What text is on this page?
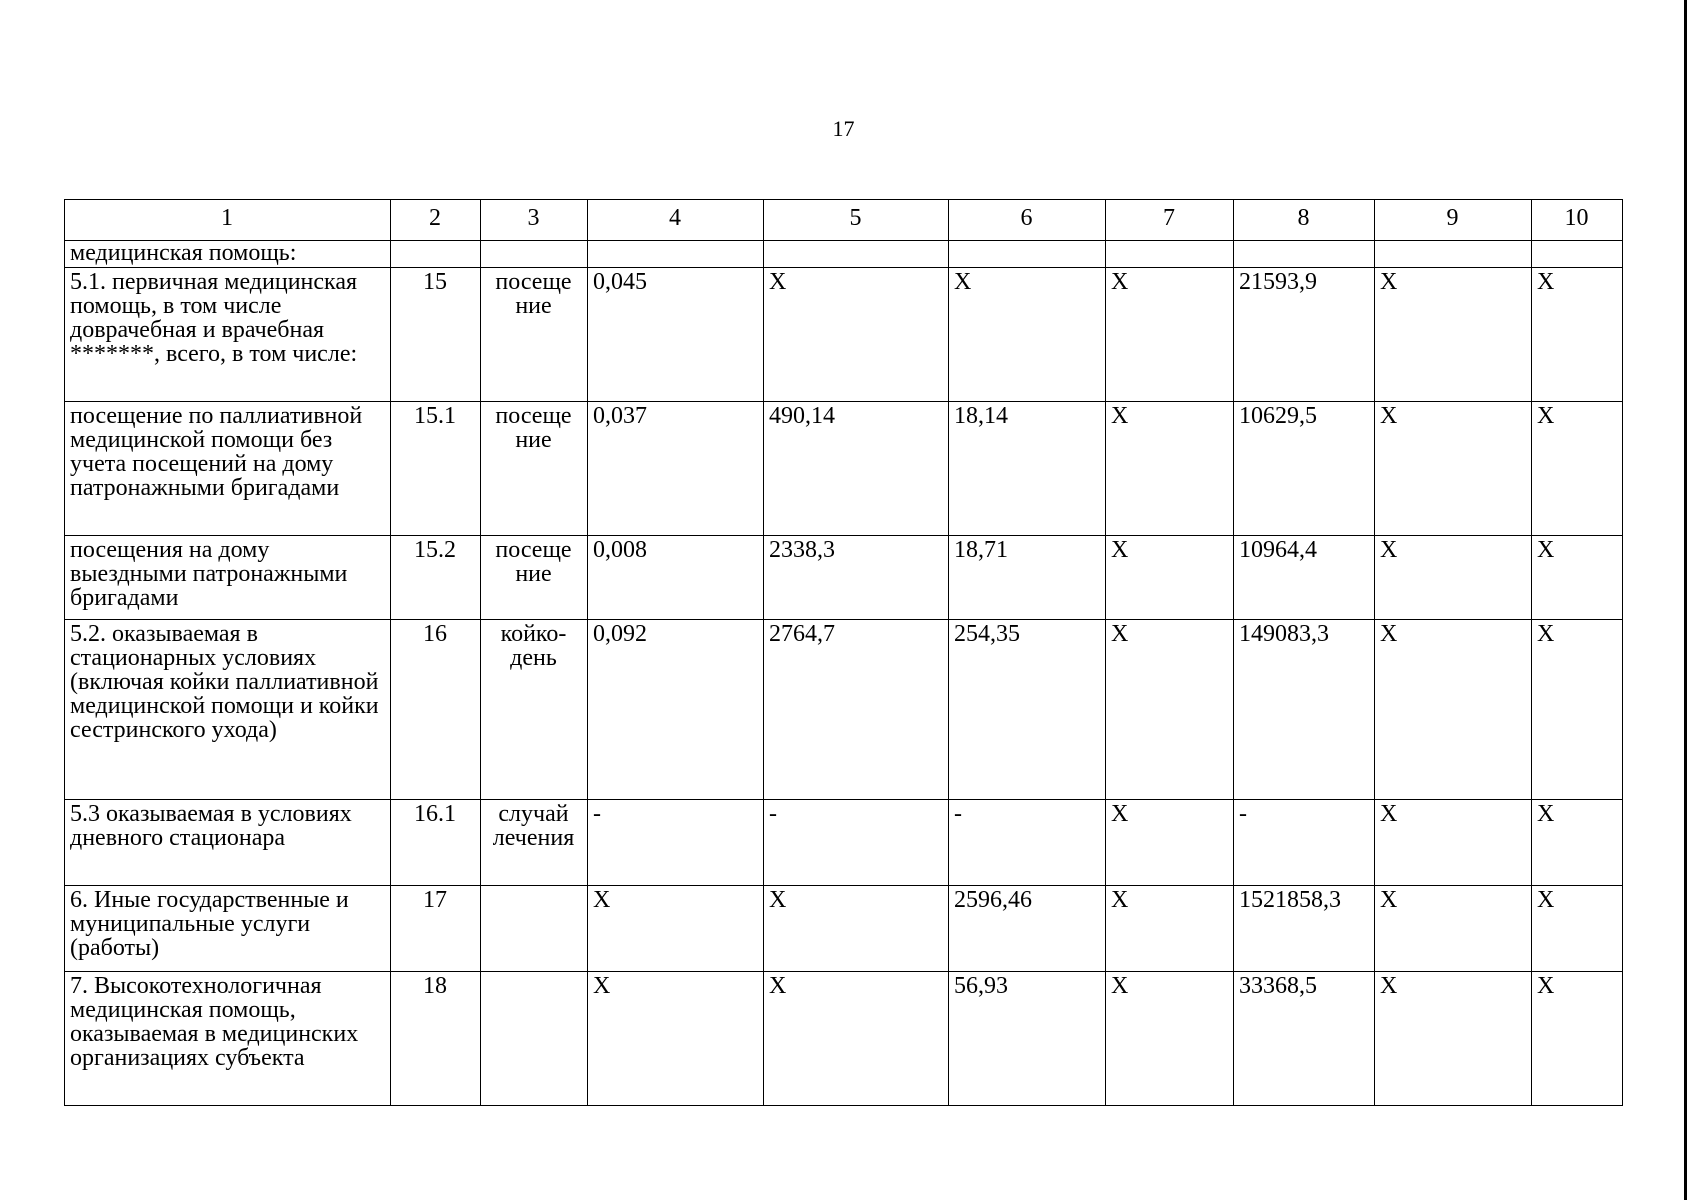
17
1	2	3	4	5	6	7	8	9	10
медицинская помощь:									
5.1. первичная медицинская помощь, в том числе доврачебная и врачебная *******, всего, в том числе:	15	посеще ние	0,045	X	X	X	21593,9	X	X
посещение по паллиативной медицинской помощи без учета посещений на дому патронажными бригадами	15.1	посеще ние	0,037	490,14	18,14	X	10629,5	X	X
посещения на дому выездными патронажными бригадами	15.2	посеще ние	0,008	2338,3	18,71	X	10964,4	X	X
5.2. оказываемая в стационарных условиях (включая койки паллиативной медицинской помощи и койки сестринского ухода)	16	койко-день	0,092	2764,7	254,35	X	149083,3	X	X
5.3 оказываемая в условиях дневного стационара	16.1	случай лечения	-	-	-	X	-	X	X
6. Иные государственные и муниципальные услуги (работы)	17		X	X	2596,46	X	1521858,3	X	X
7. Высокотехнологичная медицинская помощь, оказываемая в медицинских организациях субъекта	18		X	X	56,93	X	33368,5	X	X
